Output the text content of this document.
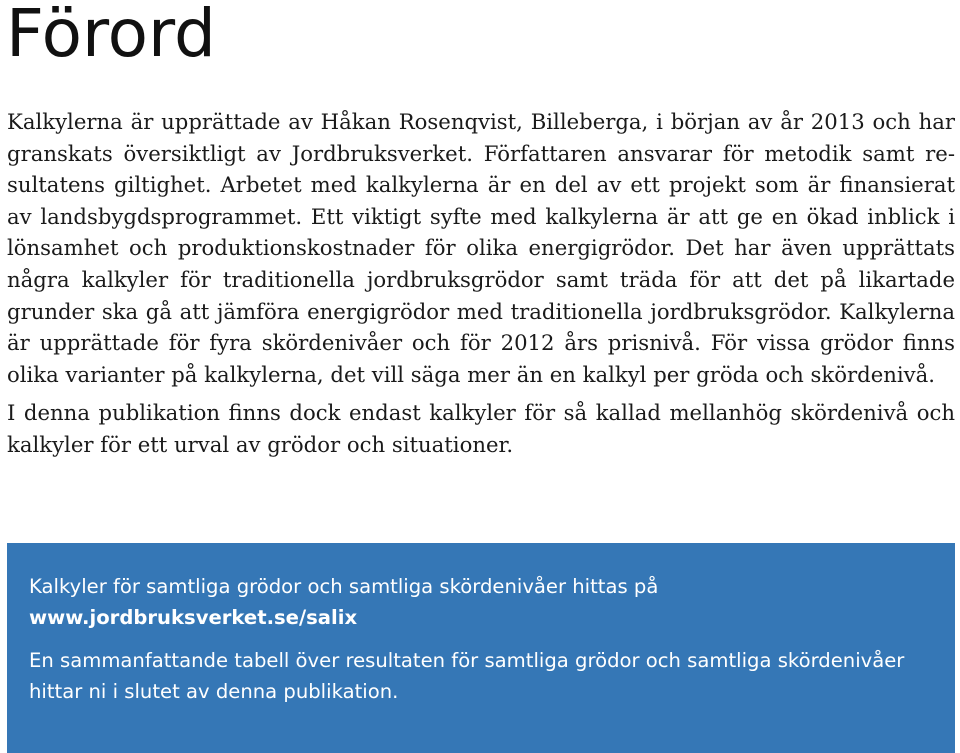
Förord

Kalkylerna är upprättade av Håkan Rosenqvist, Billeberga, i början av år 2013 och har granskats översiktligt av Jordbruksverket. Författaren ansvarar för metodik samt resultatens giltighet. Arbetet med kalkylerna är en del av ett projekt som är finansierat av landsbygdsprogrammet. Ett viktigt syfte med kalkylerna är att ge en ökad inblick i lönsamhet och produktionskostnader för olika energigrödor. Det har även upprättats några kalkyler för traditionella jordbruksgrödor samt träda för att det på likartade grunder ska gå att jämföra energigrödor med traditionella jordbruksgrödor. Kalkylerna är upprättade för fyra skördenivåer och för 2012 års prisnivå. För vissa grödor finns olika varianter på kalkylerna, det vill säga mer än en kalkyl per gröda och skördenivå.

I denna publikation finns dock endast kalkyler för så kallad mellanhög skördenivå och kalkyler för ett urval av grödor och situationer.

Kalkyler för samtliga grödor och samtliga skördenivåer hittas på
www.jordbruksverket.se/salix

En sammanfattande tabell över resultaten för samtliga grödor och samtliga skördenivåer hittar ni i slutet av denna publikation.
